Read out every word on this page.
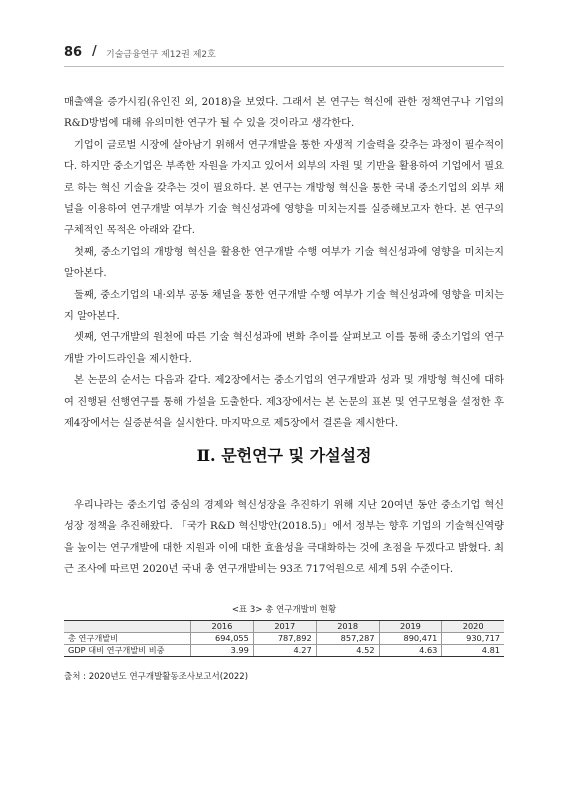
86 / 기술금융연구 제12권 제2호

매출액을 증가시킴(유인진 외, 2018)을 보였다. 그래서 본 연구는 혁신에 관한 정책연구나 기업의 R&D방법에 대해 유의미한 연구가 될 수 있을 것이라고 생각한다.

기업이 글로벌 시장에 살아남기 위해서 연구개발을 통한 자생적 기술력을 갖추는 과정이 필수적이다. 하지만 중소기업은 부족한 자원을 가지고 있어서 외부의 자원 및 기반을 활용하여 기업에서 필요로 하는 혁신 기술을 갖추는 것이 필요하다. 본 연구는 개방형 혁신을 통한 국내 중소기업의 외부 채널을 이용하여 연구개발 여부가 기술 혁신성과에 영향을 미치는지를 실증해보고자 한다. 본 연구의 구체적인 목적은 아래와 같다.

첫째, 중소기업의 개방형 혁신을 활용한 연구개발 수행 여부가 기술 혁신성과에 영향을 미치는지 알아본다.

둘째, 중소기업의 내·외부 공동 채널을 통한 연구개발 수행 여부가 기술 혁신성과에 영향을 미치는지 알아본다.

셋째, 연구개발의 원천에 따른 기술 혁신성과에 변화 추이를 살펴보고 이를 통해 중소기업의 연구개발 가이드라인을 제시한다.

본 논문의 순서는 다음과 같다. 제2장에서는 중소기업의 연구개발과 성과 및 개방형 혁신에 대하여 진행된 선행연구를 통해 가설을 도출한다. 제3장에서는 본 논문의 표본 및 연구모형을 설정한 후 제4장에서는 실증분석을 실시한다. 마지막으로 제5장에서 결론을 제시한다.

Ⅱ. 문헌연구 및 가설설정

우리나라는 중소기업 중심의 경제와 혁신성장을 추진하기 위해 지난 20여년 동안 중소기업 혁신성장 정책을 추진해왔다. 「국가 R&D 혁신방안(2018.5)」에서 정부는 향후 기업의 기술혁신역량을 높이는 연구개발에 대한 지원과 이에 대한 효율성을 극대화하는 것에 초점을 두겠다고 밝혔다. 최근 조사에 따르면 2020년 국내 총 연구개발비는 93조 717억원으로 세계 5위 수준이다.

<표 3> 총 연구개발비 현황
	2016	2017	2018	2019	2020
총 연구개발비	694,055	787,892	857,287	890,471	930,717
GDP 대비 연구개발비 비중	3.99	4.27	4.52	4.63	4.81
출처 : 2020년도 연구개발활동조사보고서(2022)
